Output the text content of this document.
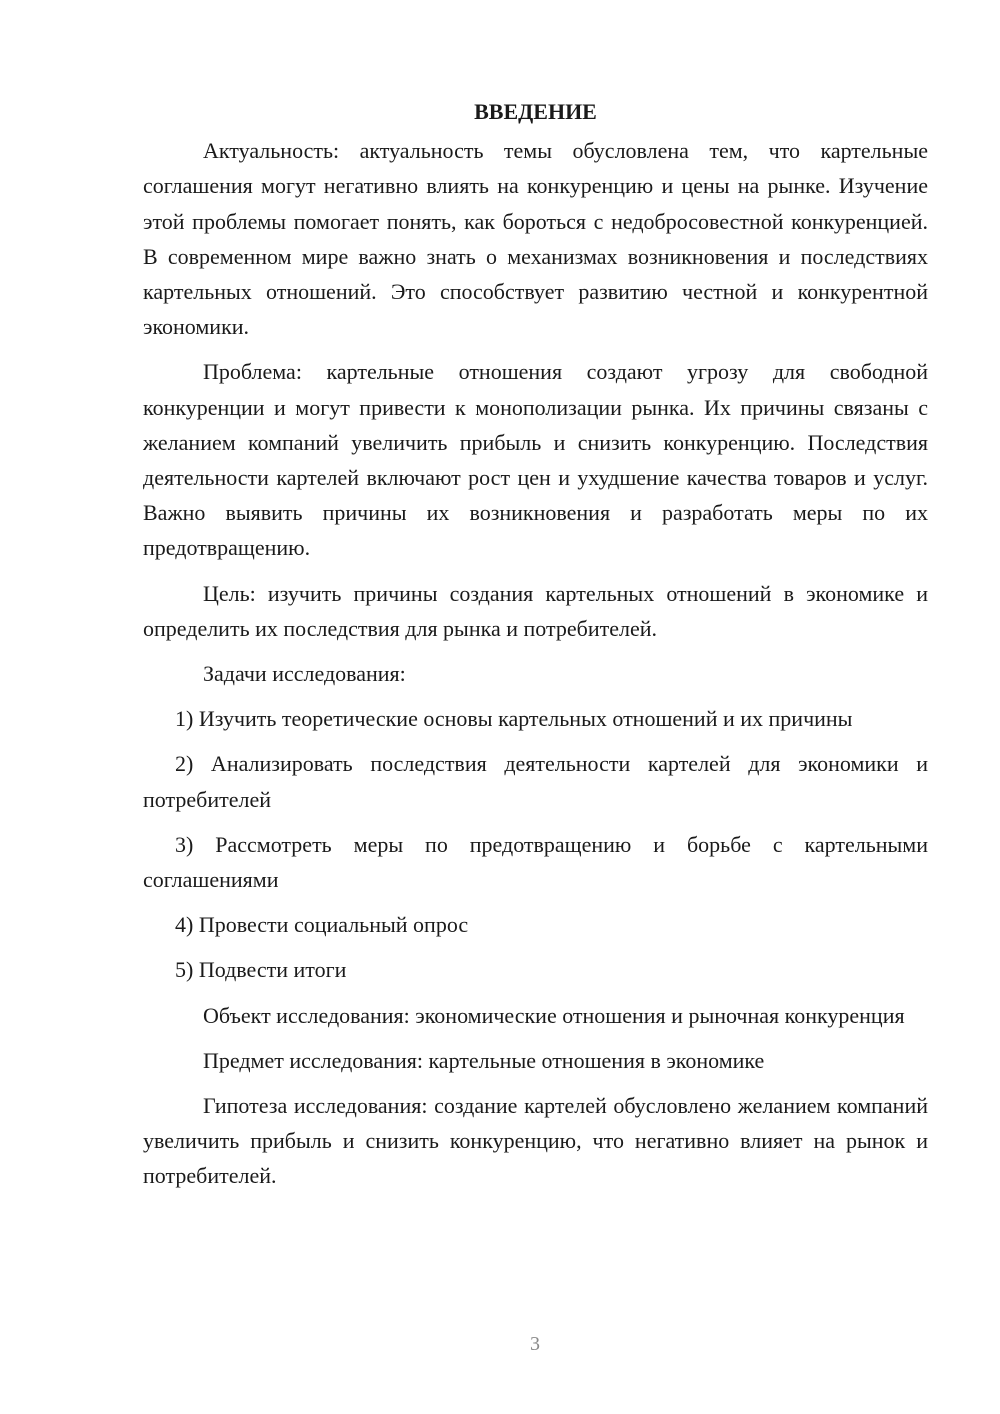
ВВЕДЕНИЕ

Актуальность: актуальность темы обусловлена тем, что картельные соглашения могут негативно влиять на конкуренцию и цены на рынке. Изучение этой проблемы помогает понять, как бороться с недобросовестной конкуренцией. В современном мире важно знать о механизмах возникновения и последствиях картельных отношений. Это способствует развитию честной и конкурентной экономики.

Проблема: картельные отношения создают угрозу для свободной конкуренции и могут привести к монополизации рынка. Их причины связаны с желанием компаний увеличить прибыль и снизить конкуренцию. Последствия деятельности картелей включают рост цен и ухудшение качества товаров и услуг. Важно выявить причины их возникновения и разработать меры по их предотвращению.

Цель: изучить причины создания картельных отношений в экономике и определить их последствия для рынка и потребителей.

Задачи исследования:

1) Изучить теоретические основы картельных отношений и их причины

2) Анализировать последствия деятельности картелей для экономики и потребителей

3) Рассмотреть меры по предотвращению и борьбе с картельными соглашениями

4) Провести социальный опрос

5) Подвести итоги

Объект исследования: экономические отношения и рыночная конкуренция

Предмет исследования: картельные отношения в экономике

Гипотеза исследования: создание картелей обусловлено желанием компаний увеличить прибыль и снизить конкуренцию, что негативно влияет на рынок и потребителей.

3
